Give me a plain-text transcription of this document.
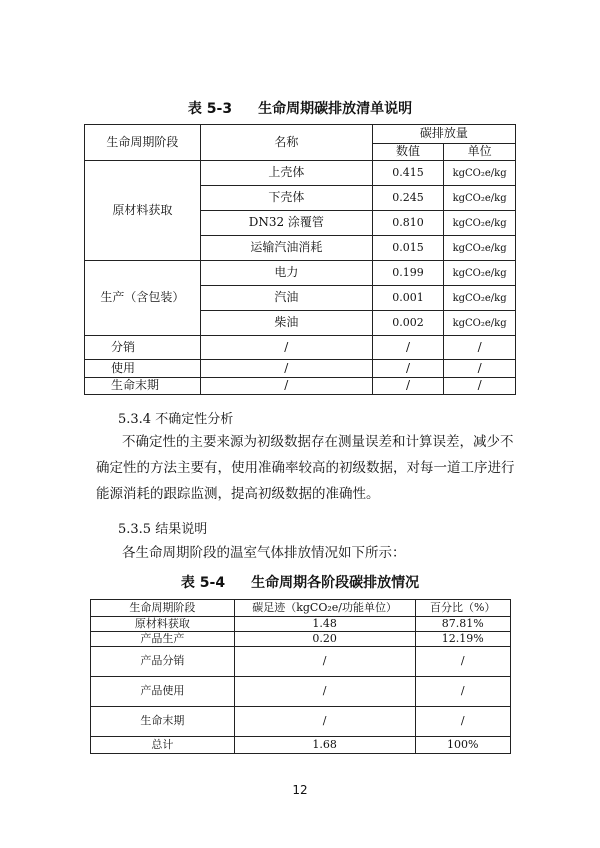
表 5-3 生命周期碳排放清单说明
生命周期阶段	名称	碳排放量	
		数值	单位
原材料获取	上壳体	0.415	kgCO₂e/kg
	下壳体	0.245	kgCO₂e/kg
	DN32 涂覆管	0.810	kgCO₂e/kg
	运输汽油消耗	0.015	kgCO₂e/kg
生产（含包装）	电力	0.199	kgCO₂e/kg
	汽油	0.001	kgCO₂e/kg
	柴油	0.002	kgCO₂e/kg
分销	/	/	/
使用	/	/	/
生命末期	/	/	/
5.3.4 不确定性分析
不确定性的主要来源为初级数据存在测量误差和计算误差，减少不确定性的方法主要有，使用准确率较高的初级数据，对每一道工序进行能源消耗的跟踪监测，提高初级数据的准确性。
5.3.5 结果说明
各生命周期阶段的温室气体排放情况如下所示：
表 5-4 生命周期各阶段碳排放情况
生命周期阶段	碳足迹（kgCO₂e/功能单位）	百分比（%）
原材料获取	1.48	87.81%
产品生产	0.20	12.19%
产品分销	/	/
产品使用	/	/
生命末期	/	/
总计	1.68	100%
12
